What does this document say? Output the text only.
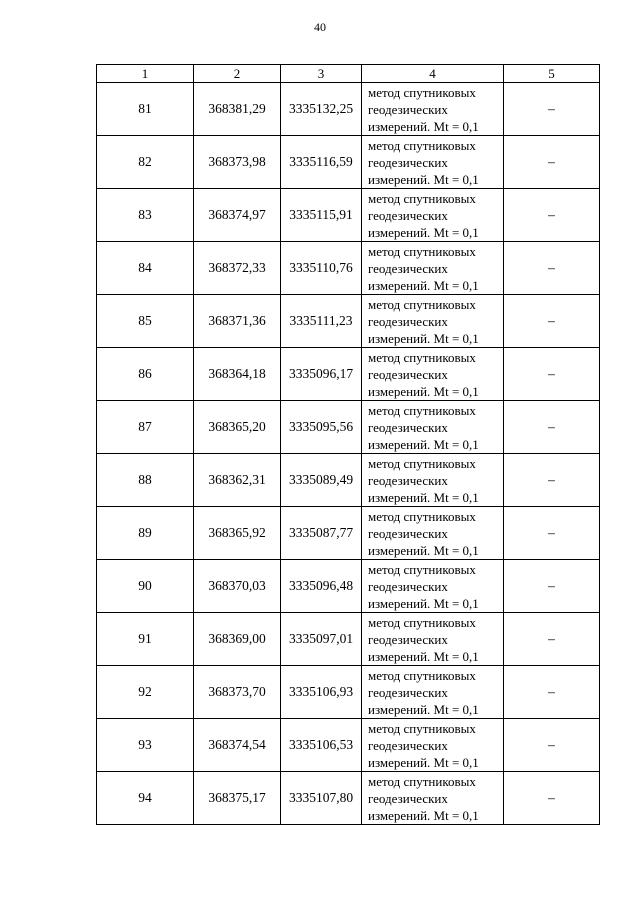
40
1	2	3	4	5
81	368381,29	3335132,25	метод спутниковых
геодезических
измерений. Mt = 0,1	–
82	368373,98	3335116,59	метод спутниковых
геодезических
измерений. Mt = 0,1	–
83	368374,97	3335115,91	метод спутниковых
геодезических
измерений. Mt = 0,1	–
84	368372,33	3335110,76	метод спутниковых
геодезических
измерений. Mt = 0,1	–
85	368371,36	3335111,23	метод спутниковых
геодезических
измерений. Mt = 0,1	–
86	368364,18	3335096,17	метод спутниковых
геодезических
измерений. Mt = 0,1	–
87	368365,20	3335095,56	метод спутниковых
геодезических
измерений. Mt = 0,1	–
88	368362,31	3335089,49	метод спутниковых
геодезических
измерений. Mt = 0,1	–
89	368365,92	3335087,77	метод спутниковых
геодезических
измерений. Mt = 0,1	–
90	368370,03	3335096,48	метод спутниковых
геодезических
измерений. Mt = 0,1	–
91	368369,00	3335097,01	метод спутниковых
геодезических
измерений. Mt = 0,1	–
92	368373,70	3335106,93	метод спутниковых
геодезических
измерений. Mt = 0,1	–
93	368374,54	3335106,53	метод спутниковых
геодезических
измерений. Mt = 0,1	–
94	368375,17	3335107,80	метод спутниковых
геодезических
измерений. Mt = 0,1	–
